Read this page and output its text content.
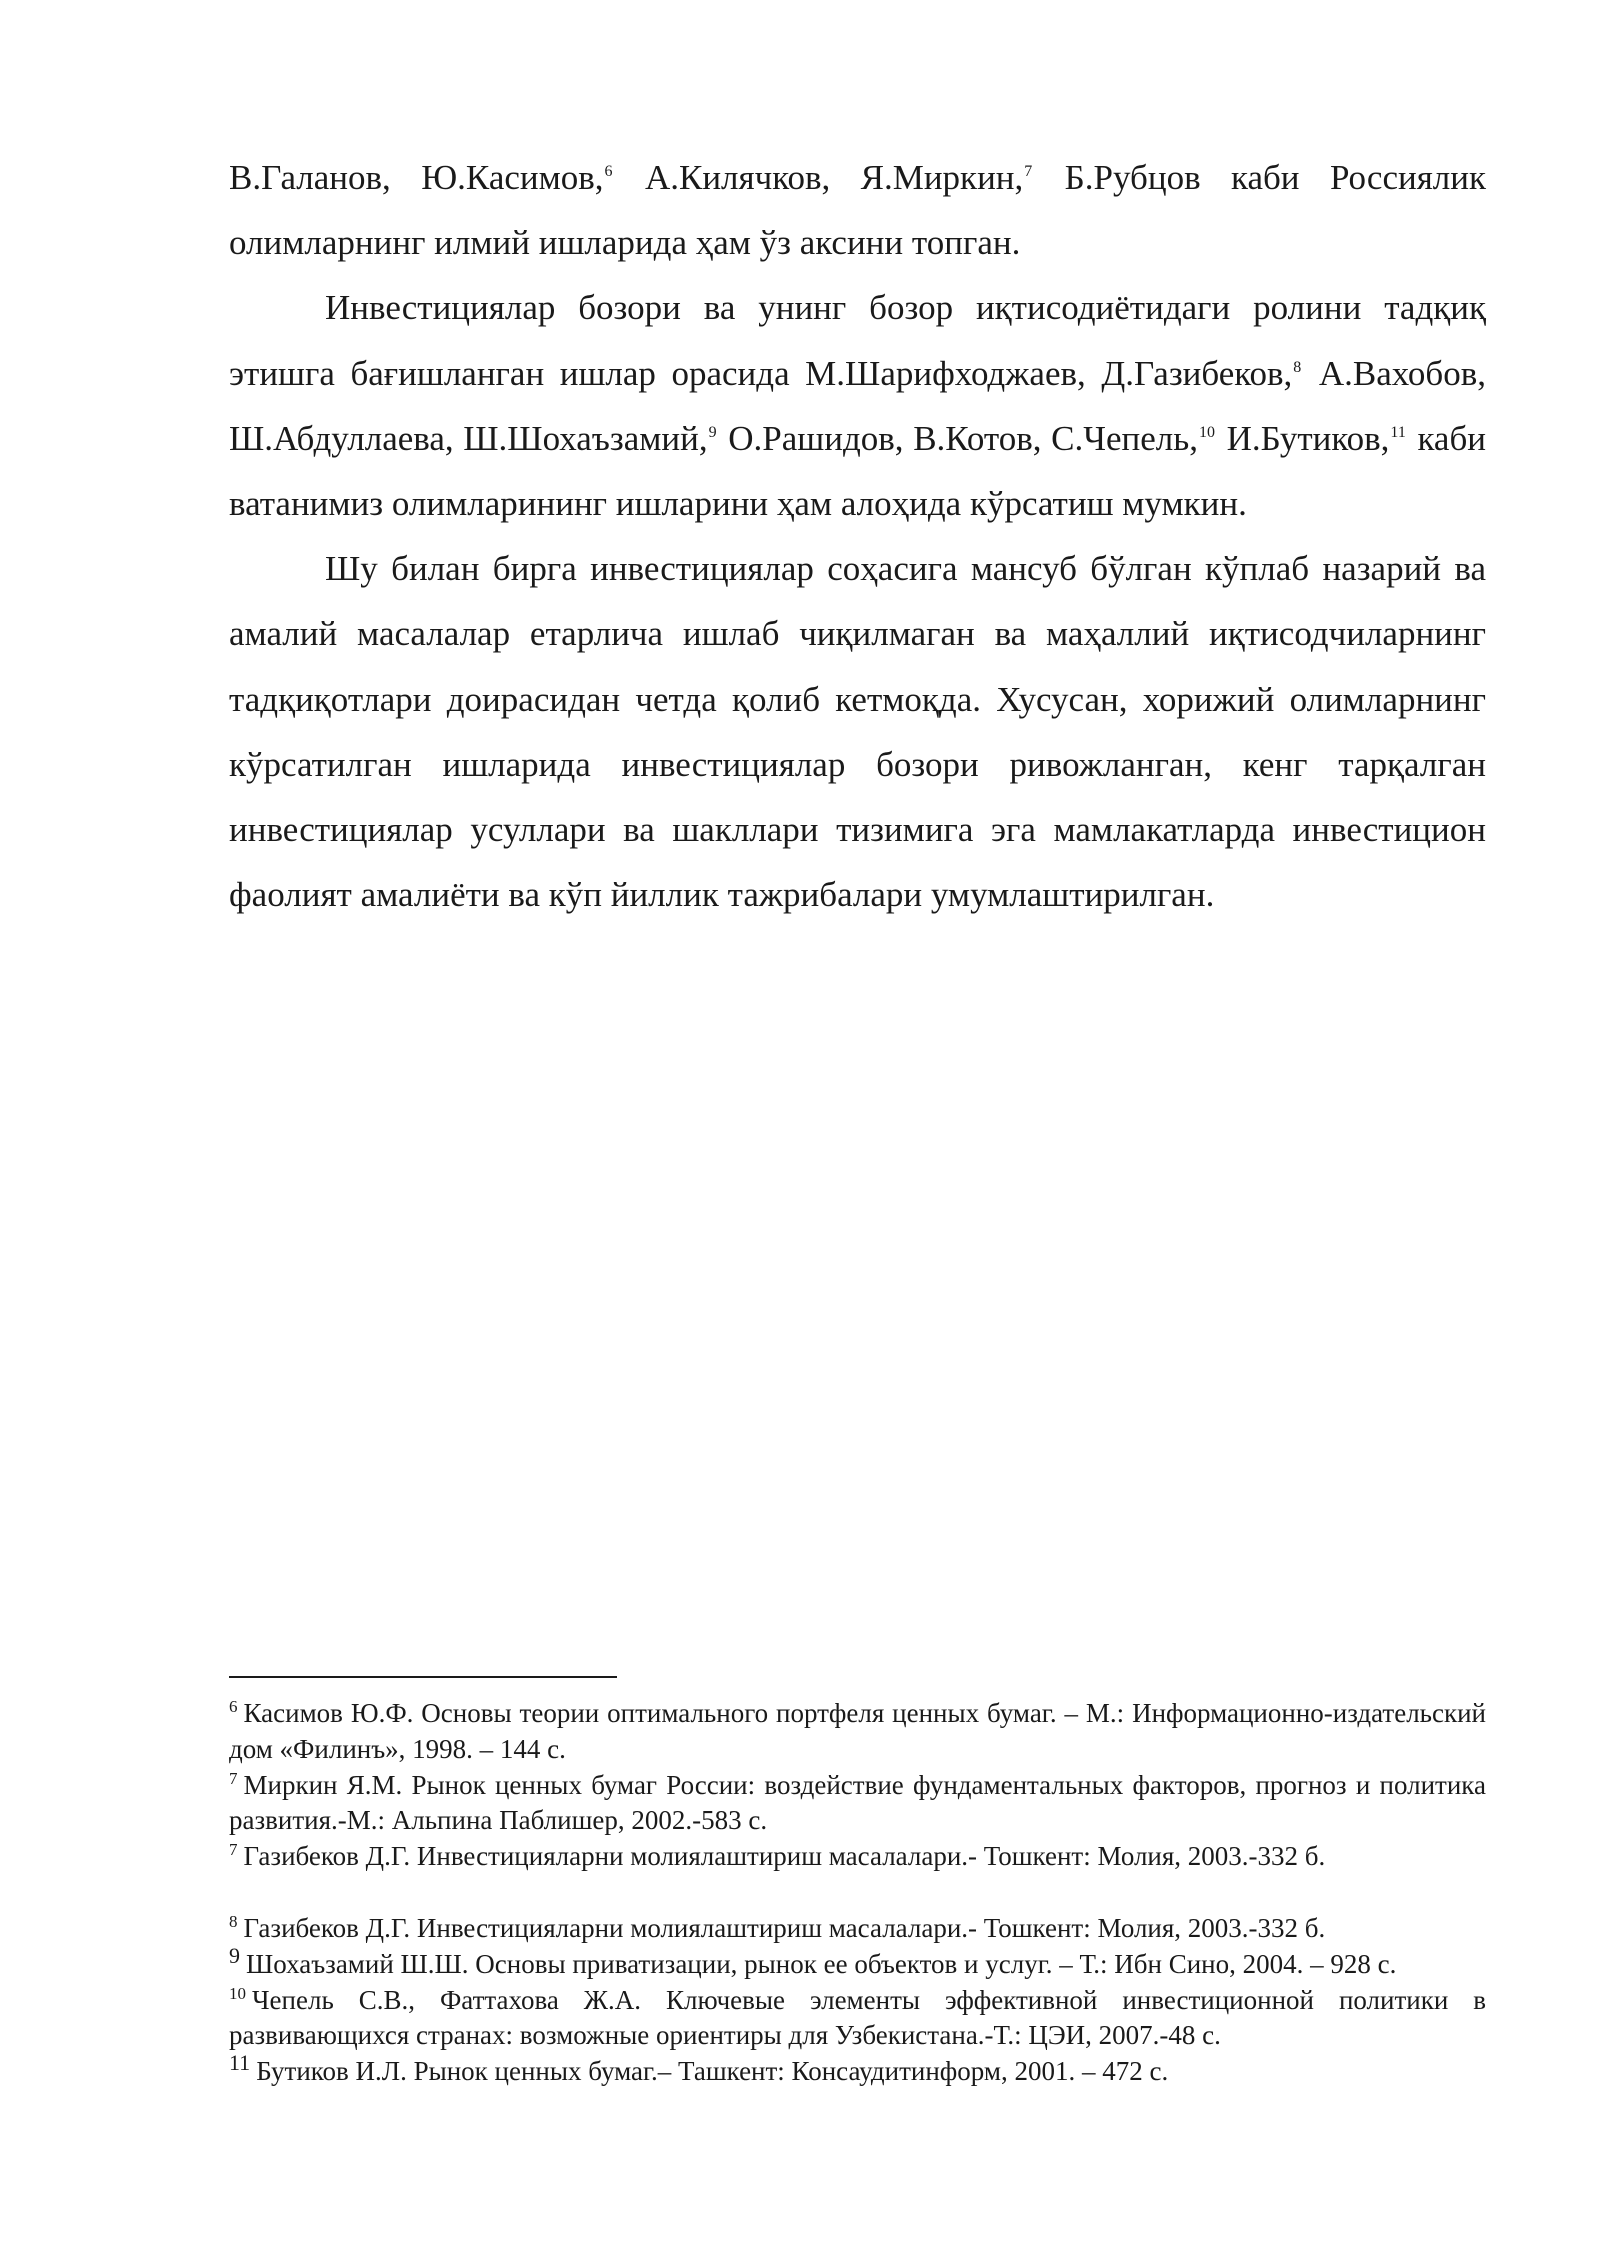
В.Галанов, Ю.Касимов,$^6$ А.Килячков, Я.Миркин,$^7$ Б.Рубцов каби Россиялик олимларнинг илмий ишларида ҳам ўз аксини топган.

Инвестициялар бозори ва унинг бозор иқтисодиётидаги ролини тадқиқ этишга бағишланган ишлар орасида М.Шарифходжаев, Д.Газибеков,$^8$ А.Вахобов, Ш.Абдуллаева, Ш.Шохаъзамий,$^9$ О.Рашидов, В.Котов, С.Чепель,$^{10}$ И.Бутиков,$^{11}$ каби ватанимиз олимларининг ишларини ҳам алоҳида кўрсатиш мумкин.

Шу билан бирга инвестициялар соҳасига мансуб бўлган кўплаб назарий ва амалий масалалар етарлича ишлаб чиқилмаган ва маҳаллий иқтисодчиларнинг тадқиқотлари доирасидан четда қолиб кетмоқда. Хусусан, хорижий олимларнинг кўрсатилган ишларида инвестициялар бозори ривожланган, кенг тарқалган инвестициялар усуллари ва шакллари тизимига эга мамлакатларда инвестицион фаолият амалиёти ва кўп йиллик тажрибалари умумлаштирилган.

$^6$ Касимов Ю.Ф. Основы теории оптимального портфеля ценных бумаг. – М.: Информационно-издательский дом «Филинъ», 1998. – 144 с.

$^7$ Миркин Я.М. Рынок ценных бумаг России: воздействие фундаментальных факторов, прогноз и политика развития.-М.: Альпина Паблишер, 2002.-583 с.

$^7$ Газибеков Д.Г. Инвестицияларни молиялаштириш масалалари.- Тошкент: Молия, 2003.-332 б.

$^8$ Газибеков Д.Г. Инвестицияларни молиялаштириш масалалари.- Тошкент: Молия, 2003.-332 б.

$^9$ Шохаъзамий Ш.Ш. Основы приватизации, рынок ее объектов и услуг. – Т.: Ибн Сино, 2004. – 928 с.

$^{10}$ Чепель С.В., Фаттахова Ж.А. Ключевые элементы эффективной инвестиционной политики в развивающихся странах: возможные ориентиры для Узбекистана.-Т.: ЦЭИ, 2007.-48 с.

$^{11}$ Бутиков И.Л. Рынок ценных бумаг.– Ташкент: Консаудитинформ, 2001. – 472 с.
